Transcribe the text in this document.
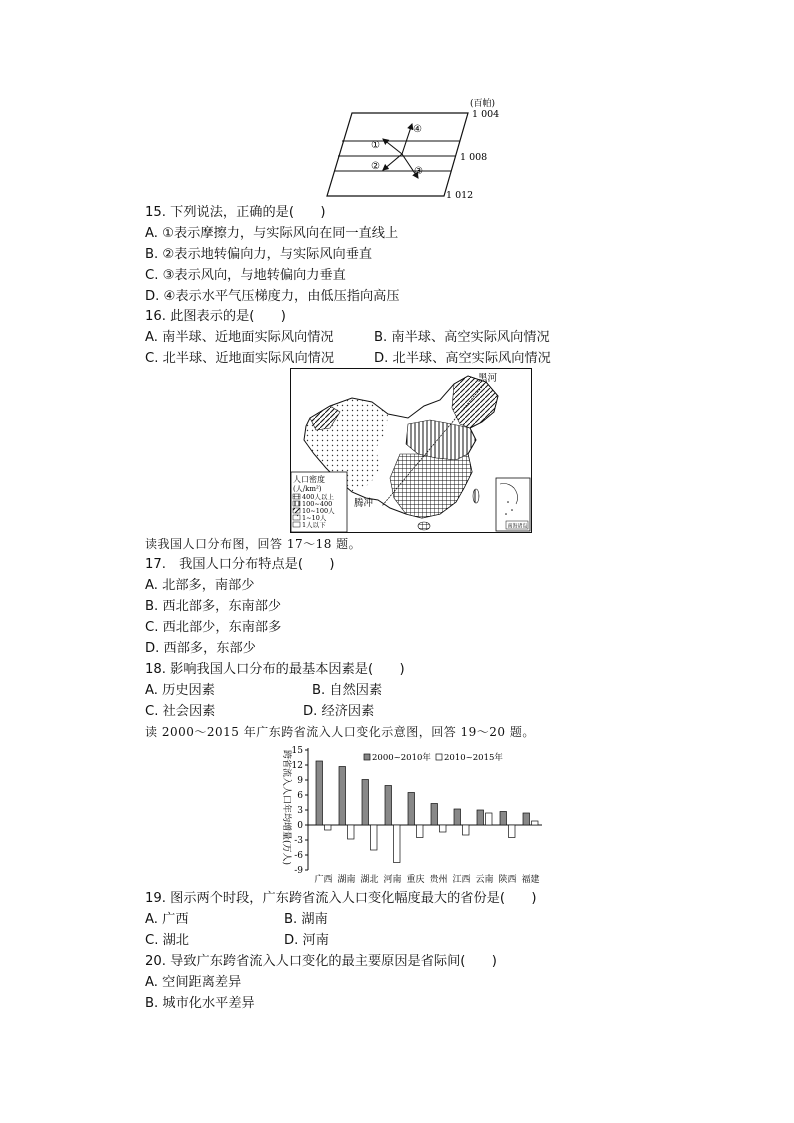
(百帕)
1 004
1 008
1 012
①
②	③
④
15. 下列说法，正确的是(　　)
A. ①表示摩擦力，与实际风向在同一直线上
B. ②表示地转偏向力，与实际风向垂直
C. ③表示风向，与地转偏向力垂直
D. ④表示水平气压梯度力，由低压指向高压
16. 此图表示的是(　　)
A. 南半球、近地面实际风向情况	B. 南半球、高空实际风向情况
C. 北半球、近地面实际风向情况	D. 北半球、高空实际风向情况
黑河
腾冲
人口密度
(人/km²)
400人以上
100~400
10~100人
1~10人
1人以下	南海诸岛
读我国人口分布图，回答 17～18 题。
17.　我国人口分布特点是(　　)
A. 北部多，南部少
B. 西北部多，东南部少
C. 西北部少，东南部多
D. 西部多，东部少
18. 影响我国人口分布的最基本因素是(　　)
A. 历史因素	B. 自然因素
C. 社会因素	D. 经济因素
读 2000～2015 年广东跨省流入人口变化示意图，回答 19～20 题。
跨省流入人口年均增量(万人) 15
12
9
6
3
0
-3
-6
-9
广西 湖南 湖北 河南 重庆 贵州 江西 云南 陕西 福建
2000~2010年 2010~2015年
19. 图示两个时段，广东跨省流入人口变化幅度最大的省份是(　　)
A. 广西	B. 湖南
C. 湖北	D. 河南
20. 导致广东跨省流入人口变化的最主要原因是省际间(　　)
A. 空间距离差异
B. 城市化水平差异
